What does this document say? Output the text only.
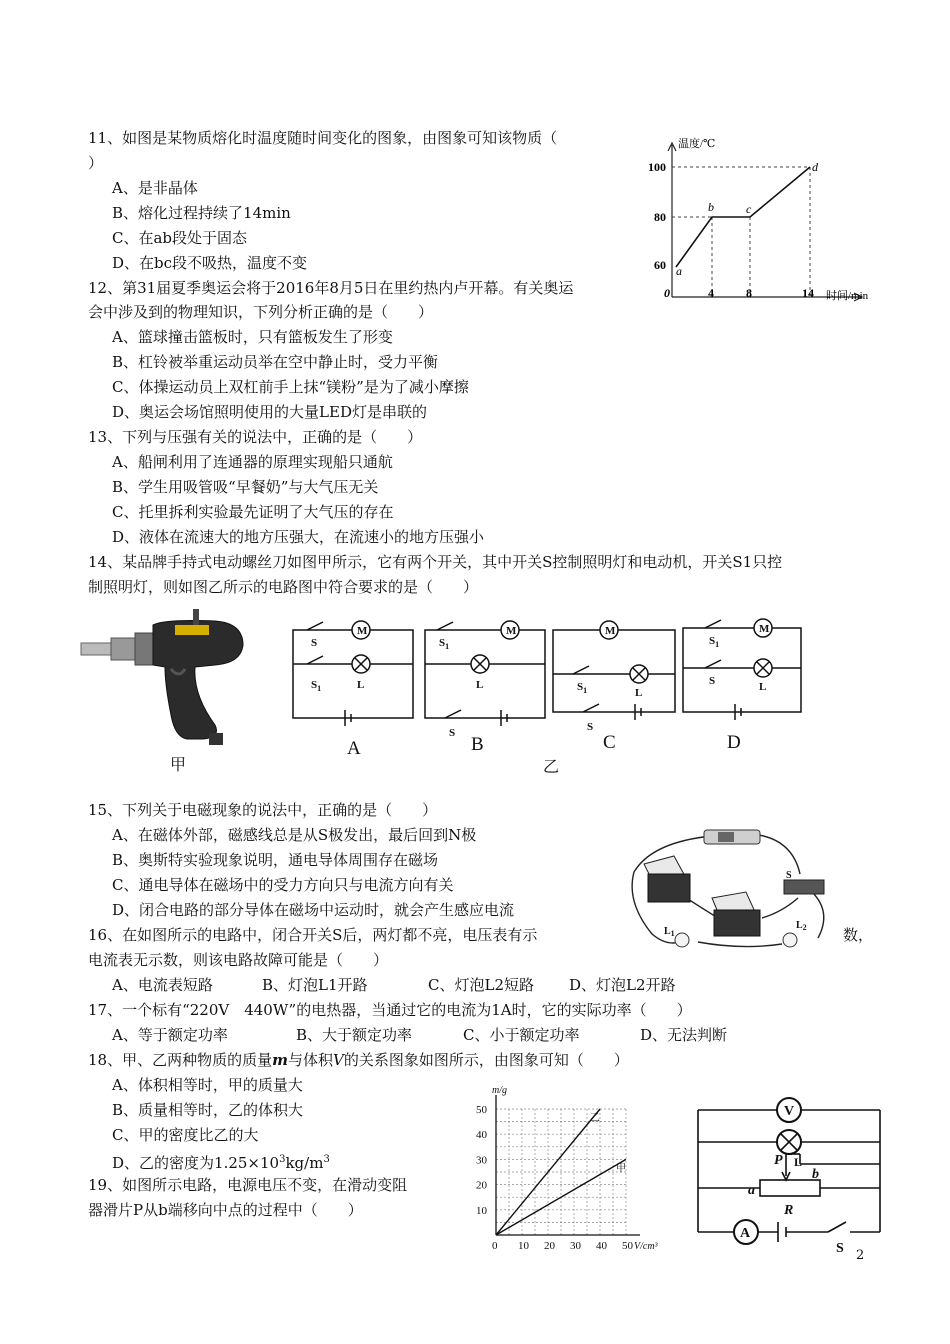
11、如图是某物质熔化时温度随时间变化的图象，由图象可知该物质（
）
A、是非晶体
B、熔化过程持续了14min
C、在ab段处于固态
D、在bc段不吸热，温度不变
温度/℃
时间/min
100
80
60
0	4	8	14
a
b	c
d
12、第31届夏季奥运会将于2016年8月5日在里约热内卢开幕。有关奥运
会中涉及到的物理知识，下列分析正确的是（　　）
A、篮球撞击篮板时，只有篮板发生了形变
B、杠铃被举重运动员举在空中静止时，受力平衡
C、体操运动员上双杠前手上抹“镁粉”是为了减小摩擦
D、奥运会场馆照明使用的大量LED灯是串联的
13、下列与压强有关的说法中，正确的是（　　）
A、船闸利用了连通器的原理实现船只通航
B、学生用吸管吸“早餐奶”与大气压无关
C、托里拆利实验最先证明了大气压的存在
D、液体在流速大的地方压强大，在流速小的地方压强小
14、某品牌手持式电动螺丝刀如图甲所示，它有两个开关，其中开关S控制照明灯和电动机，开关S1只控
制照明灯，则如图乙所示的电路图中符合要求的是（　　）
甲
M
L
S
$S_1$
M
L
$S_1$
S
M
L
$S_1$
S
M
L
$S_1$
S
A	B	C	D
乙
15、下列关于电磁现象的说法中，正确的是（　　）
A、在磁体外部，磁感线总是从S极发出，最后回到N极
B、奥斯特实验现象说明，通电导体周围存在磁场
C、通电导体在磁场中的受力方向只与电流方向有关
D、闭合电路的部分导体在磁场中运动时，就会产生感应电流
S
$L_1$
$L_2$
16、在如图所示的电路中，闭合开关S后，两灯都不亮，电压表有示	数，
电流表无示数，则该电路故障可能是（　　）
A、电流表短路	B、灯泡L1开路	C、灯泡L2短路 D、灯泡L2开路
17、一个标有“220V　440W”的电热器，当通过它的电流为1A时，它的实际功率（　　）
A、等于额定功率	B、大于额定功率	C、小于额定功率	D、无法判断
18、甲、乙两种物质的质量m与体积V的关系图象如图所示，由图象可知（　　）
A、体积相等时，甲的质量大
B、质量相等时，乙的体积大
C、甲的密度比乙的大
D、乙的密度为$1.25\times 10^3kg/m^3$
19、如图所示电路，电源电压不变，在滑动变阻
器滑片P从b端移向中点的过程中（　　）
0 10 20 30 40 50
10
20
30
40
50
乙
甲
m/g
V/cm³
V
L
P
a
b
R
A
S 2
